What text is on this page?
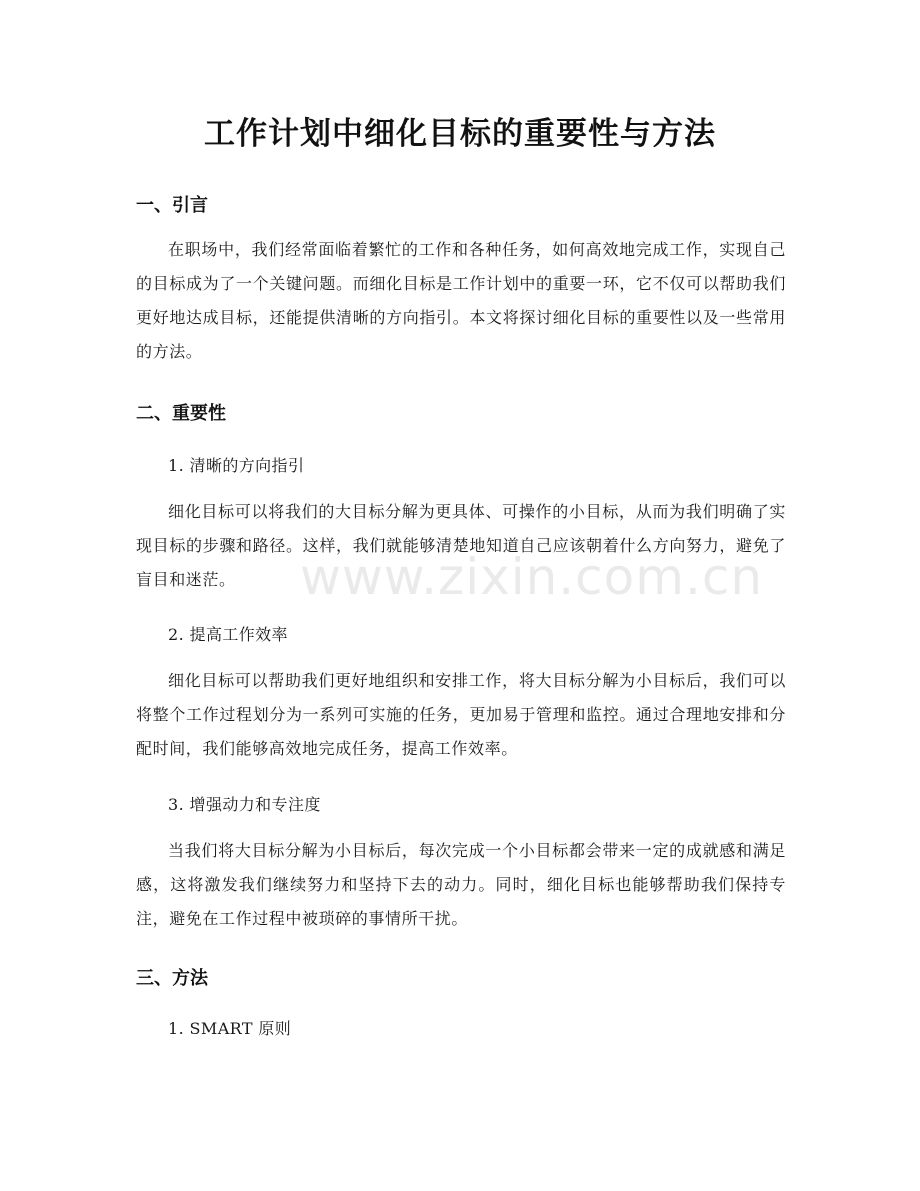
工作计划中细化目标的重要性与方法
一、引言

在职场中，我们经常面临着繁忙的工作和各种任务，如何高效地完成工作，实现自己的目标成为了一个关键问题。而细化目标是工作计划中的重要一环，它不仅可以帮助我们更好地达成目标，还能提供清晰的方向指引。本文将探讨细化目标的重要性以及一些常用的方法。

二、重要性

1. 清晰的方向指引

细化目标可以将我们的大目标分解为更具体、可操作的小目标，从而为我们明确了实现目标的步骤和路径。这样，我们就能够清楚地知道自己应该朝着什么方向努力，避免了盲目和迷茫。

2. 提高工作效率

细化目标可以帮助我们更好地组织和安排工作，将大目标分解为小目标后，我们可以将整个工作过程划分为一系列可实施的任务，更加易于管理和监控。通过合理地安排和分配时间，我们能够高效地完成任务，提高工作效率。

3. 增强动力和专注度

当我们将大目标分解为小目标后，每次完成一个小目标都会带来一定的成就感和满足感，这将激发我们继续努力和坚持下去的动力。同时，细化目标也能够帮助我们保持专注，避免在工作过程中被琐碎的事情所干扰。

三、方法

1. SMART 原则

www.zixin.com.cn
